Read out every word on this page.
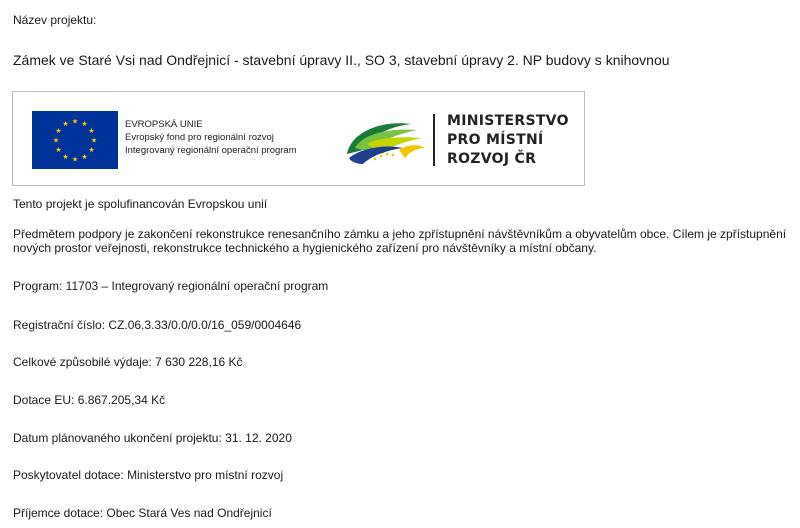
Název projektu:
Zámek ve Staré Vsi nad Ondřejnicí - stavební úpravy II., SO 3, stavební úpravy 2. NP budovy s knihovnou
★ ★
★
★
★
★
★
★
★
★
★
★	EVROPSKÁ UNIE
Evropský fond pro regionální rozvoj
Integrovaný regionální operační program
MINISTERSTVO
PRO MÍSTNÍ
ROZVOJ ČR
Tento projekt je spolufinancován Evropskou unií
Předmětem podpory je zakončení rekonstrukce renesančního zámku a jeho zpřístupnění návštěvníkům a obyvatelům obce. Cílem je zpřístupnění nových prostor veřejnosti, rekonstrukce technického a hygienického zařízení pro návštěvníky a místní občany.
Program: 11703 – Integrovaný regionální operační program
Registrační číslo: CZ.06.3.33/0.0/0.0/16_059/0004646
Celkové způsobilé výdaje: 7 630 228,16 Kč
Dotace EU: 6.867.205,34 Kč
Datum plánovaného ukončení projektu: 31. 12. 2020
Poskytovatel dotace: Ministerstvo pro místní rozvoj
Příjemce dotace: Obec Stará Ves nad Ondřejnicí
